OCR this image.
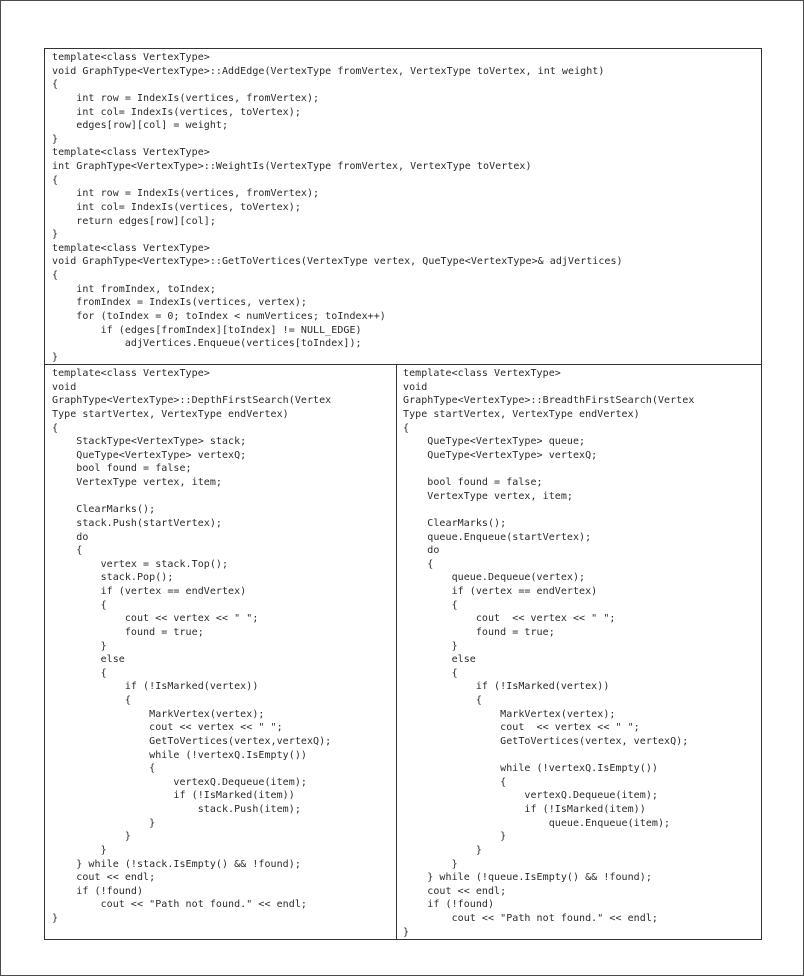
template<class VertexType>
void GraphType<VertexType>::AddEdge(VertexType fromVertex, VertexType toVertex, int weight)
{
int row = IndexIs(vertices, fromVertex);
int col= IndexIs(vertices, toVertex);
edges[row][col] = weight;
}
template<class VertexType>
int GraphType<VertexType>::WeightIs(VertexType fromVertex, VertexType toVertex)
{
int row = IndexIs(vertices, fromVertex);
int col= IndexIs(vertices, toVertex);
return edges[row][col];
}
template<class VertexType>
void GraphType<VertexType>::GetToVertices(VertexType vertex, QueType<VertexType>& adjVertices)
{
int fromIndex, toIndex;
fromIndex = IndexIs(vertices, vertex);
for (toIndex = 0; toIndex < numVertices; toIndex++)
if (edges[fromIndex][toIndex] != NULL_EDGE)
adjVertices.Enqueue(vertices[toIndex]);
}
template<class VertexType>
void
GraphType<VertexType>::DepthFirstSearch(Vertex
Type startVertex, VertexType endVertex)
{
StackType<VertexType> stack;
QueType<VertexType> vertexQ;
bool found = false;
VertexType vertex, item;

ClearMarks();
stack.Push(startVertex);
do
{
vertex = stack.Top();
stack.Pop();
if (vertex == endVertex)
{
cout << vertex << " ";
found = true;
}
else
{
if (!IsMarked(vertex))
{
MarkVertex(vertex);
cout << vertex << " ";
GetToVertices(vertex,vertexQ);
while (!vertexQ.IsEmpty())
{
vertexQ.Dequeue(item);
if (!IsMarked(item))
stack.Push(item);
}
}
}
} while (!stack.IsEmpty() && !found);
cout << endl;
if (!found)
cout << "Path not found." << endl;
}
template<class VertexType>
void
GraphType<VertexType>::BreadthFirstSearch(Vertex
Type startVertex, VertexType endVertex)
{
QueType<VertexType> queue;
QueType<VertexType> vertexQ;

bool found = false;
VertexType vertex, item;

ClearMarks();
queue.Enqueue(startVertex);
do
{
queue.Dequeue(vertex);
if (vertex == endVertex)
{
cout  << vertex << " ";
found = true;
}
else
{
if (!IsMarked(vertex))
{
MarkVertex(vertex);
cout  << vertex << " ";
GetToVertices(vertex, vertexQ);

while (!vertexQ.IsEmpty())
{
vertexQ.Dequeue(item);
if (!IsMarked(item))
queue.Enqueue(item);
}
}
}
} while (!queue.IsEmpty() && !found);
cout << endl;
if (!found)
cout << "Path not found." << endl;
}
